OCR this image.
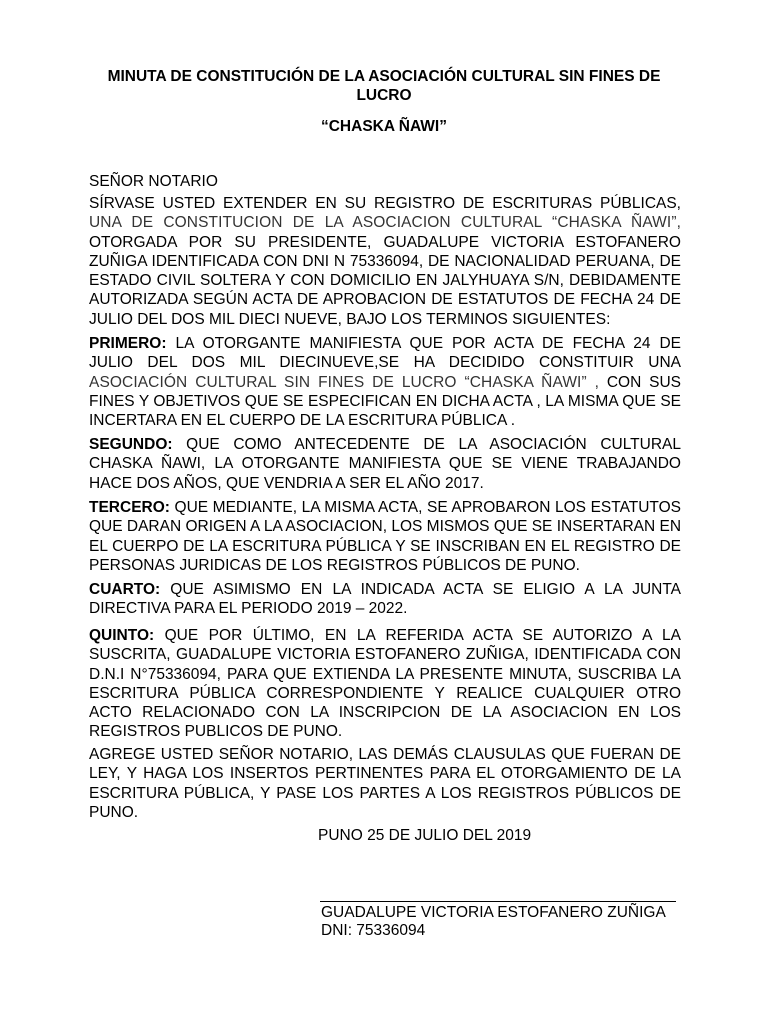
MINUTA DE CONSTITUCIÓN DE LA ASOCIACIÓN CULTURAL SIN FINES DE LUCRO
“CHASKA ÑAWI”
SEÑOR NOTARIO
SÍRVASE USTED EXTENDER EN SU REGISTRO DE ESCRITURAS PÚBLICAS, UNA DE CONSTITUCION DE LA ASOCIACION CULTURAL “CHASKA ÑAWI”, OTORGADA POR SU PRESIDENTE, GUADALUPE VICTORIA ESTOFANERO ZUÑIGA IDENTIFICADA CON DNI N 75336094, DE NACIONALIDAD PERUANA, DE ESTADO CIVIL SOLTERA Y CON DOMICILIO EN JALYHUAYA S/N, DEBIDAMENTE AUTORIZADA SEGÚN ACTA DE APROBACION DE ESTATUTOS DE FECHA 24 DE JULIO DEL DOS MIL DIECI NUEVE, BAJO LOS TERMINOS SIGUIENTES:
PRIMERO: LA OTORGANTE MANIFIESTA QUE POR ACTA DE FECHA 24 DE JULIO DEL DOS MIL DIECINUEVE,SE HA DECIDIDO CONSTITUIR UNA ASOCIACIÓN CULTURAL SIN FINES DE LUCRO “CHASKA ÑAWI” , CON SUS FINES Y OBJETIVOS QUE SE ESPECIFICAN EN DICHA ACTA , LA MISMA QUE SE INCERTARA EN EL CUERPO DE LA ESCRITURA PÚBLICA .
SEGUNDO: QUE COMO ANTECEDENTE DE LA ASOCIACIÓN CULTURAL CHASKA ÑAWI, LA OTORGANTE MANIFIESTA QUE SE VIENE TRABAJANDO HACE DOS AÑOS, QUE VENDRIA A SER EL AÑO 2017.
TERCERO: QUE MEDIANTE, LA MISMA ACTA, SE APROBARON LOS ESTATUTOS QUE DARAN ORIGEN A LA ASOCIACION, LOS MISMOS QUE SE INSERTARAN EN EL CUERPO DE LA ESCRITURA PÚBLICA Y SE INSCRIBAN EN EL REGISTRO DE PERSONAS JURIDICAS DE LOS REGISTROS PÚBLICOS DE PUNO.
CUARTO: QUE ASIMISMO EN LA INDICADA ACTA SE ELIGIO A LA JUNTA DIRECTIVA PARA EL PERIODO 2019 – 2022.
QUINTO: QUE POR ÚLTIMO, EN LA REFERIDA ACTA SE AUTORIZO A LA SUSCRITA, GUADALUPE VICTORIA ESTOFANERO ZUÑIGA, IDENTIFICADA CON D.N.I N°75336094, PARA QUE EXTIENDA LA PRESENTE MINUTA, SUSCRIBA LA ESCRITURA PÚBLICA CORRESPONDIENTE Y REALICE CUALQUIER OTRO ACTO RELACIONADO CON LA INSCRIPCION DE LA ASOCIACION EN LOS REGISTROS PUBLICOS DE PUNO.
AGREGE USTED SEÑOR NOTARIO, LAS DEMÁS CLAUSULAS QUE FUERAN DE LEY, Y HAGA LOS INSERTOS PERTINENTES PARA EL OTORGAMIENTO DE LA ESCRITURA PÚBLICA, Y PASE LOS PARTES A LOS REGISTROS PÚBLICOS DE PUNO.
PUNO 25 DE JULIO DEL 2019
GUADALUPE VICTORIA ESTOFANERO ZUÑIGA
DNI: 75336094
